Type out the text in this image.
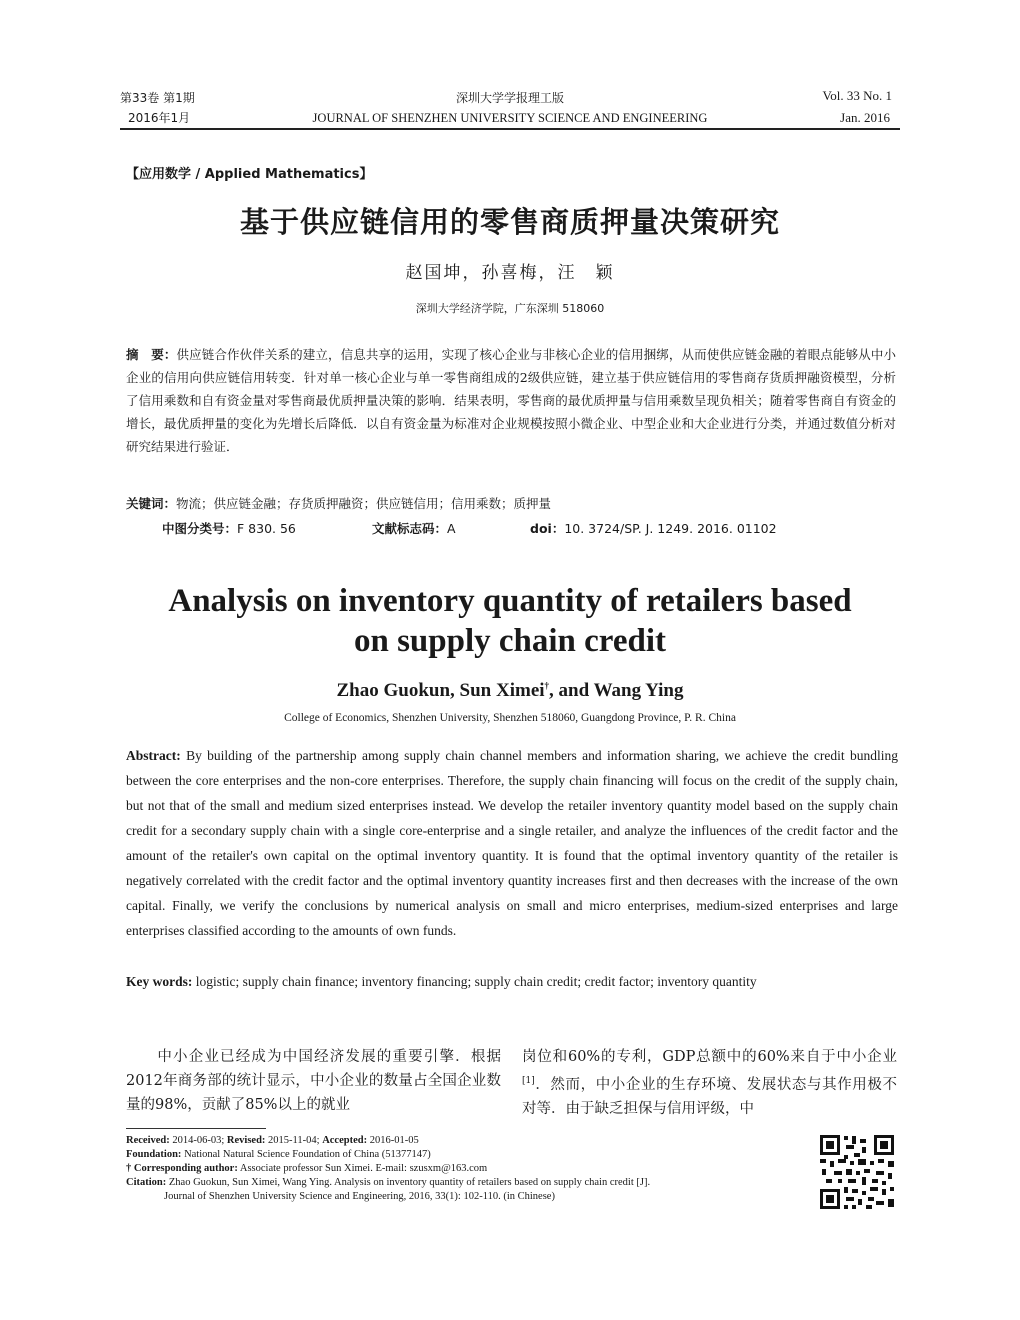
第33卷 第1期
2016年1月
深圳大学学报理工版
JOURNAL OF SHENZHEN UNIVERSITY SCIENCE AND ENGINEERING
Vol. 33 No. 1
Jan. 2016
【应用数学 / Applied Mathematics】
基于供应链信用的零售商质押量决策研究
赵国坤，孙喜梅，汪　颖
深圳大学经济学院，广东深圳 518060
摘　要：供应链合作伙伴关系的建立，信息共享的运用，实现了核心企业与非核心企业的信用捆绑，从而使供应链金融的着眼点能够从中小企业的信用向供应链信用转变．针对单一核心企业与单一零售商组成的2级供应链，建立基于供应链信用的零售商存货质押融资模型，分析了信用乘数和自有资金量对零售商最优质押量决策的影响．结果表明，零售商的最优质押量与信用乘数呈现负相关；随着零售商自有资金的增长，最优质押量的变化为先增长后降低．以自有资金量为标准对企业规模按照小微企业、中型企业和大企业进行分类，并通过数值分析对研究结果进行验证．
关键词：物流；供应链金融；存货质押融资；供应链信用；信用乘数；质押量
中图分类号：F 830. 56	文献标志码：A	doi：10. 3724/SP. J. 1249. 2016. 01102
Analysis on inventory quantity of retailers based
on supply chain credit
Zhao Guokun, Sun Ximei†, and Wang Ying
College of Economics, Shenzhen University, Shenzhen 518060, Guangdong Province, P. R. China
Abstract: By building of the partnership among supply chain channel members and information sharing, we achieve the credit bundling between the core enterprises and the non-core enterprises. Therefore, the supply chain financing will focus on the credit of the supply chain, but not that of the small and medium sized enterprises instead. We develop the retailer inventory quantity model based on the supply chain credit for a secondary supply chain with a single core-enterprise and a single retailer, and analyze the influences of the credit factor and the amount of the retailer's own capital on the optimal inventory quantity. It is found that the optimal inventory quantity of the retailer is negatively correlated with the credit factor and the optimal inventory quantity increases first and then decreases with the increase of the own capital. Finally, we verify the conclusions by numerical analysis on small and micro enterprises, medium-sized enterprises and large enterprises classified according to the amounts of own funds.
Key words: logistic; supply chain finance; inventory financing; supply chain credit; credit factor; inventory quantity
　　中小企业已经成为中国经济发展的重要引擎．根据2012年商务部的统计显示，中小企业的数量占全国企业数量的98%，贡献了85%以上的就业
岗位和60%的专利，GDP总额中的60%来自于中小企业[1]．然而，中小企业的生存环境、发展状态与其作用极不对等．由于缺乏担保与信用评级，中
Received: 2014-06-03; Revised: 2015-11-04; Accepted: 2016-01-05
Foundation: National Natural Science Foundation of China (51377147)
† Corresponding author: Associate professor Sun Ximei. E-mail: szusxm@163.com
Citation: Zhao Guokun, Sun Ximei, Wang Ying. Analysis on inventory quantity of retailers based on supply chain credit [J].
Journal of Shenzhen University Science and Engineering, 2016, 33(1): 102-110. (in Chinese)
